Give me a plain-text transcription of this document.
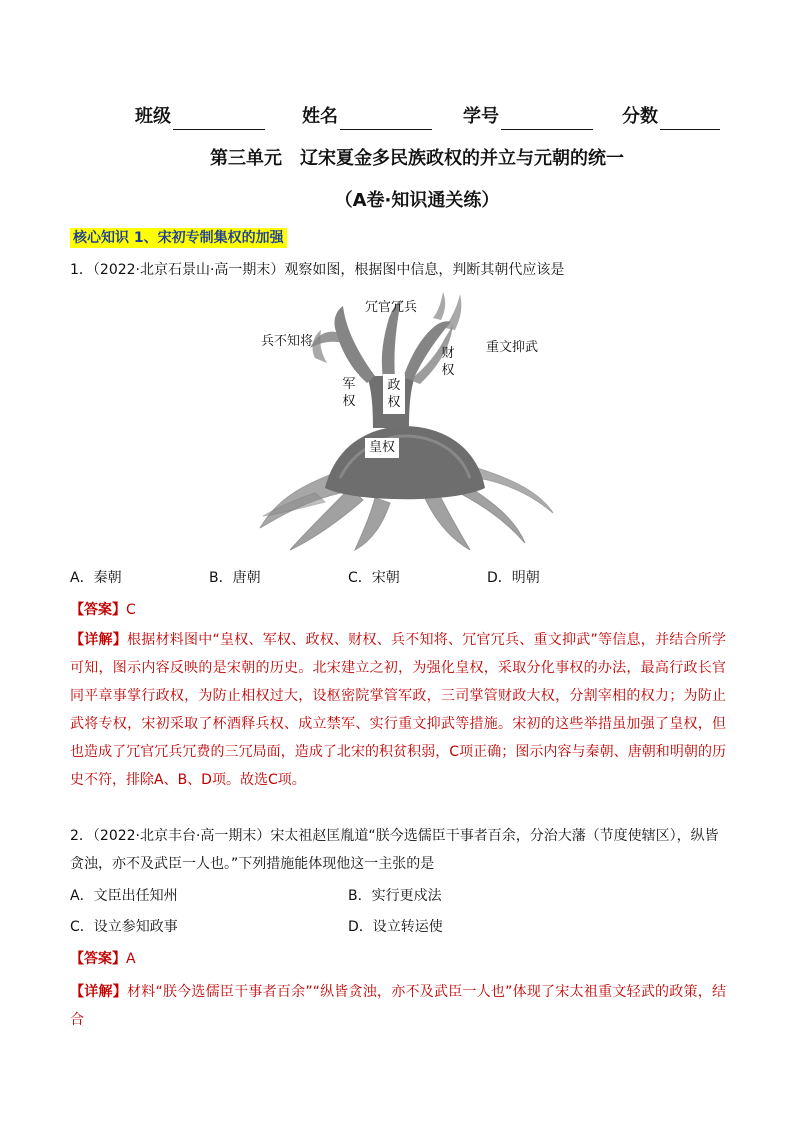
班级	姓名	学号	分数
第三单元　辽宋夏金多民族政权的并立与元朝的统一
（A卷·知识通关练）
核心知识 1、宋初专制集权的加强
1．（2022·北京石景山·高一期末）观察如图，根据图中信息，判断其朝代应该是
冗官冗兵
兵不知将	重文抑武
军权
政权
财权
皇权
A．秦朝	B．唐朝	C．宋朝	D．明朝
【答案】C
【详解】根据材料图中“皇权、军权、政权、财权、兵不知将、冗官冗兵、重文抑武”等信息，并结合所学可知，图示内容反映的是宋朝的历史。北宋建立之初，为强化皇权，采取分化事权的办法，最高行政长官同平章事掌行政权，为防止相权过大，设枢密院掌管军政，三司掌管财政大权，分割宰相的权力；为防止武将专权，宋初采取了杯酒释兵权、成立禁军、实行重文抑武等措施。宋初的这些举措虽加强了皇权，但也造成了冗官冗兵冗费的三冗局面，造成了北宋的积贫积弱，C项正确；图示内容与秦朝、唐朝和明朝的历史不符，排除A、B、D项。故选C项。
2．（2022·北京丰台·高一期末）宋太祖赵匡胤道“朕今选儒臣干事者百余，分治大藩（节度使辖区），纵皆贪浊，亦不及武臣一人也。”下列措施能体现他这一主张的是
A．文臣出任知州	B．实行更戍法
C．设立参知政事	D．设立转运使
【答案】A
【详解】材料“朕今选儒臣干事者百余”“纵皆贪浊，亦不及武臣一人也”体现了宋太祖重文轻武的政策，结合
